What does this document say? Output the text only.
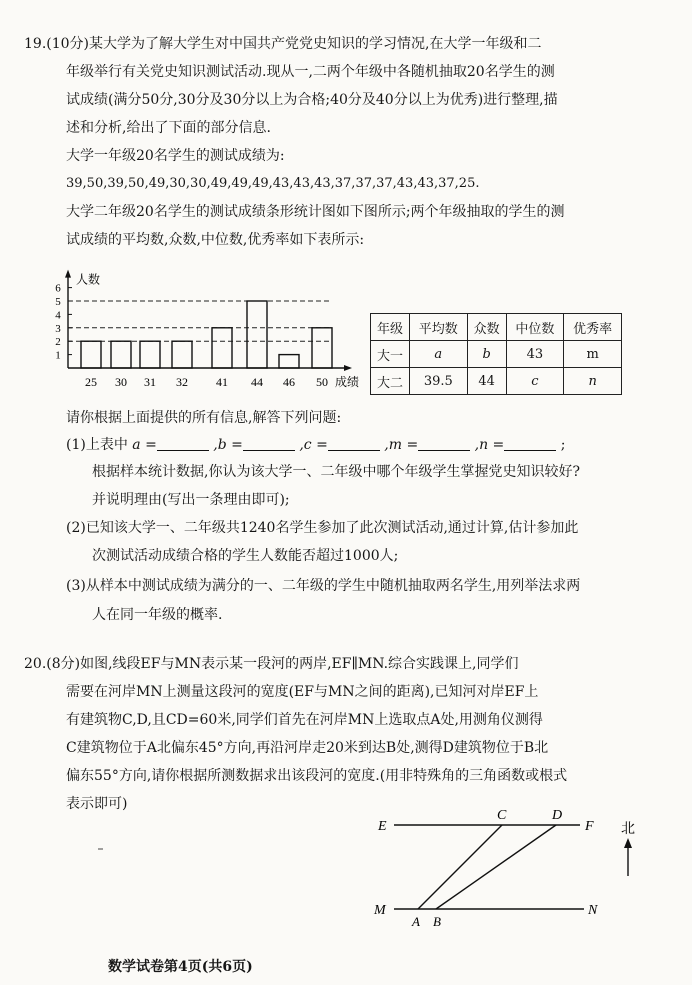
19.(10分)某大学为了解大学生对中国共产党党史知识的学习情况,在大学一年级和二
年级举行有关党史知识测试活动.现从一,二两个年级中各随机抽取20名学生的测
试成绩(满分50分,30分及30分以上为合格;40分及40分以上为优秀)进行整理,描
述和分析,给出了下面的部分信息.
大学一年级20名学生的测试成绩为:
39,50,39,50,49,30,30,49,49,49,43,43,43,37,37,37,43,43,37,25.
大学二年级20名学生的测试成绩条形统计图如下图所示;两个年级抽取的学生的测
试成绩的平均数,众数,中位数,优秀率如下表所示:
1
2
3
4
5
6
25 30 31 32 41 44 46 50
人数
成绩
年级	平均数	众数	中位数	优秀率
大一	a	b	43	m
大二	39.5	44	c	n
请你根据上面提供的所有信息,解答下列问题:
(1)上表中 a =	,b =	,c =	,m =	,n =	;
根据样本统计数据,你认为该大学一、二年级中哪个年级学生掌握党史知识较好?
并说明理由(写出一条理由即可);
(2)已知该大学一、二年级共1240名学生参加了此次测试活动,通过计算,估计参加此
次测试活动成绩合格的学生人数能否超过1000人;
(3)从样本中测试成绩为满分的一、二年级的学生中随机抽取两名学生,用列举法求两
人在同一年级的概率.
20.(8分)如图,线段EF与MN表示某一段河的两岸,EF∥MN.综合实践课上,同学们
需要在河岸MN上测量这段河的宽度(EF与MN之间的距离),已知河对岸EF上
有建筑物C,D,且CD=60米,同学们首先在河岸MN上选取点A处,用测角仪测得
C建筑物位于A北偏东45°方向,再沿河岸走20米到达B处,测得D建筑物位于B北
偏东55°方向,请你根据所测数据求出该段河的宽度.(用非特殊角的三角函数或根式
表示即可)
E
C	D
F
M
A B
N
北
数学试卷第4页(共6页)
